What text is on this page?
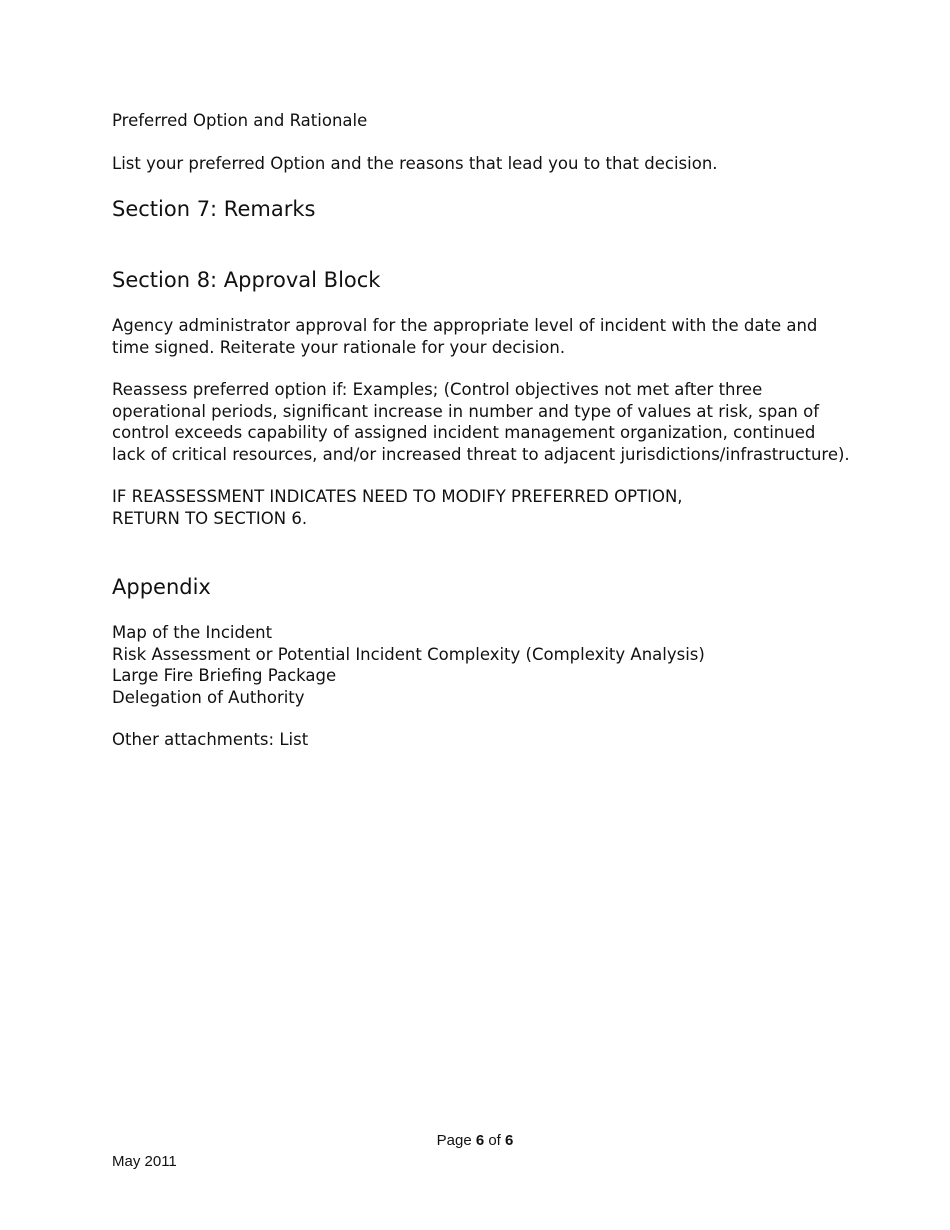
Preferred Option and Rationale
List your preferred Option and the reasons that lead you to that decision.
Section 7: Remarks
Section 8: Approval Block
Agency administrator approval for the appropriate level of incident with the date and
time signed. Reiterate your rationale for your decision.
Reassess preferred option if: Examples; (Control objectives not met after three
operational periods, significant increase in number and type of values at risk, span of
control exceeds capability of assigned incident management organization, continued
lack of critical resources, and/or increased threat to adjacent jurisdictions/infrastructure).
IF REASSESSMENT INDICATES NEED TO MODIFY PREFERRED OPTION,
RETURN TO SECTION 6.
Appendix
Map of the Incident
Risk Assessment or Potential Incident Complexity (Complexity Analysis)
Large Fire Briefing Package
Delegation of Authority
Other attachments: List
Page 6 of 6
May 2011
